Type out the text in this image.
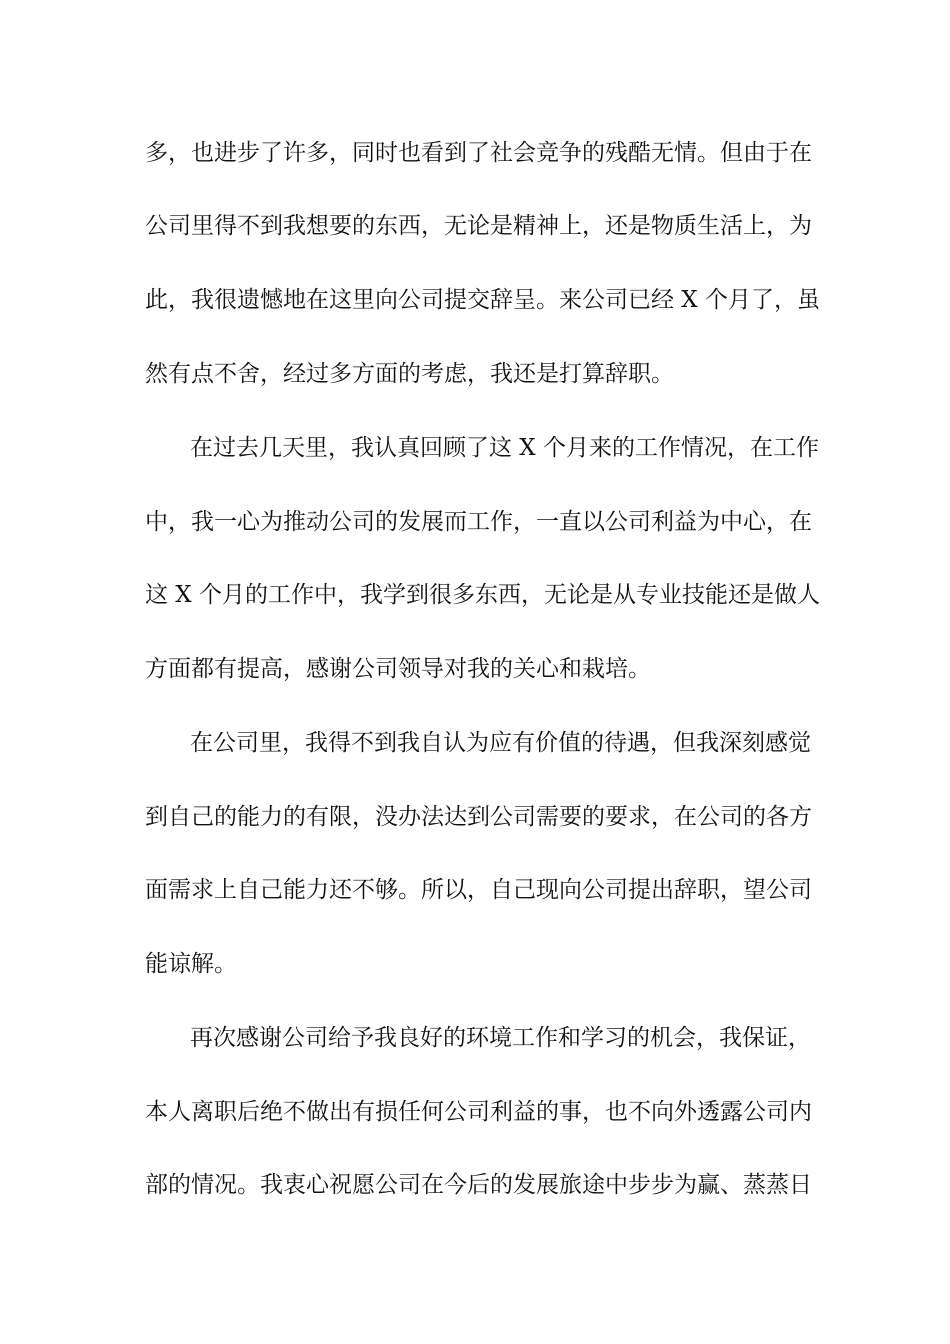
多，也进步了许多，同时也看到了社会竞争的残酷无情。但由于在
公司里得不到我想要的东西，无论是精神上，还是物质生活上，为
此，我很遗憾地在这里向公司提交辞呈。来公司已经 X 个月了，虽
然有点不舍，经过多方面的考虑，我还是打算辞职。
在过去几天里，我认真回顾了这 X 个月来的工作情况，在工作
中，我一心为推动公司的发展而工作，一直以公司利益为中心，在
这 X 个月的工作中，我学到很多东西，无论是从专业技能还是做人
方面都有提高，感谢公司领导对我的关心和栽培。
在公司里，我得不到我自认为应有价值的待遇，但我深刻感觉
到自己的能力的有限，没办法达到公司需要的要求，在公司的各方
面需求上自己能力还不够。所以，自己现向公司提出辞职，望公司
能谅解。
再次感谢公司给予我良好的环境工作和学习的机会，我保证，
本人离职后绝不做出有损任何公司利益的事，也不向外透露公司内
部的情况。我衷心祝愿公司在今后的发展旅途中步步为赢、蒸蒸日
